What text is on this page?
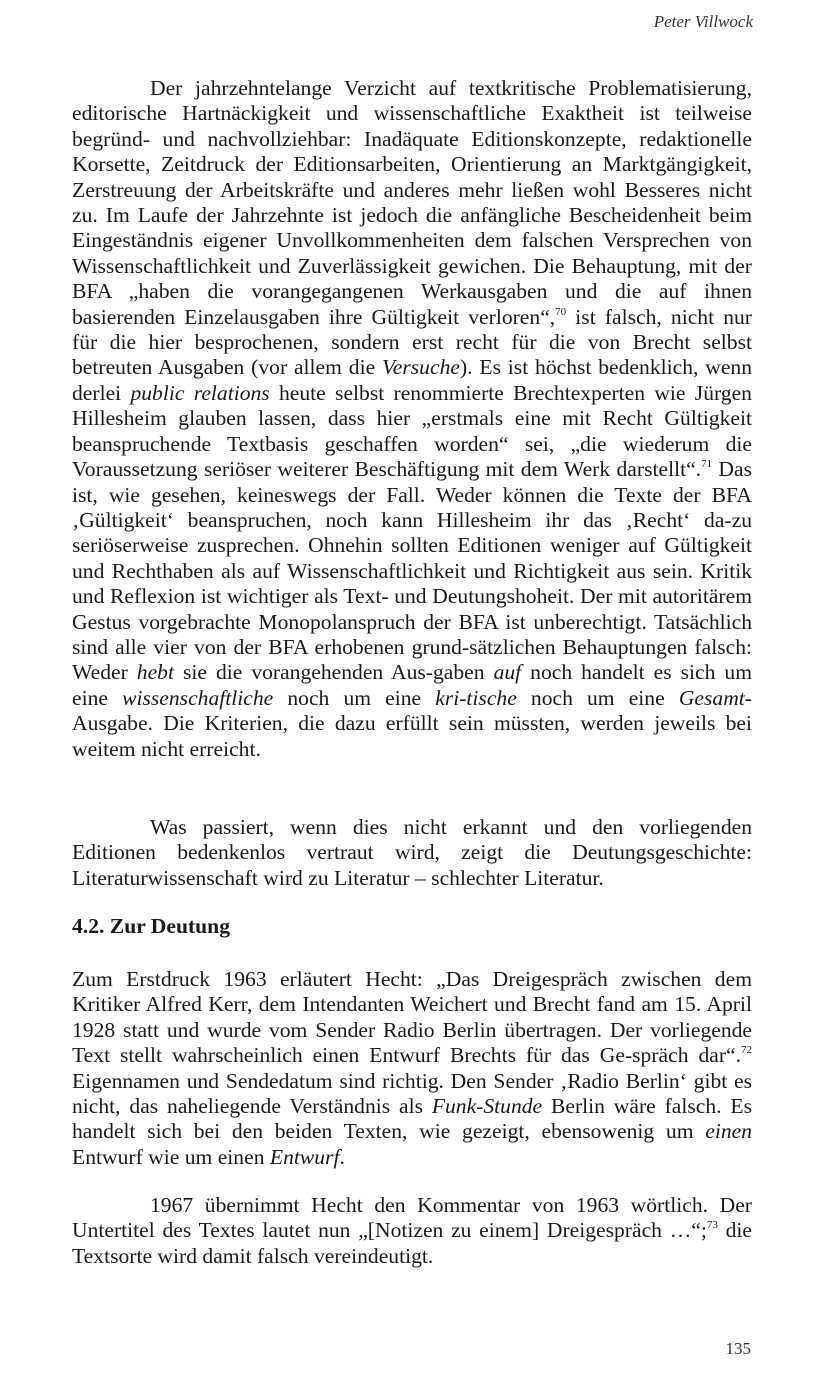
Peter Villwock

Der jahrzehntelange Verzicht auf textkritische Problematisierung, editorische Hartnäckigkeit und wissenschaftliche Exaktheit ist teilweise begründ- und nachvollziehbar: Inadäquate Editionskonzepte, redaktionelle Korsette, Zeitdruck der Editionsarbeiten, Orientierung an Marktgängigkeit, Zerstreuung der Arbeitskräfte und anderes mehr ließen wohl Besseres nicht zu. Im Laufe der Jahrzehnte ist jedoch die anfängliche Bescheidenheit beim Eingeständnis eigener Unvollkommenheiten dem falschen Versprechen von Wissenschaftlichkeit und Zuverlässigkeit gewichen. Die Behauptung, mit der BFA „haben die vorangegangenen Werkausgaben und die auf ihnen basierenden Einzelausgaben ihre Gültigkeit verloren“,$^{70}$ ist falsch, nicht nur für die hier besprochenen, sondern erst recht für die von Brecht selbst betreuten Ausgaben (vor allem die Versuche). Es ist höchst bedenklich, wenn derlei public relations heute selbst renommierte Brechtexperten wie Jürgen Hillesheim glauben lassen, dass hier „erstmals eine mit Recht Gültigkeit beanspruchende Textbasis geschaffen worden“ sei, „die wiederum die Voraussetzung seriöser weiterer Beschäftigung mit dem Werk darstellt“.$^{71}$ Das ist, wie gesehen, keineswegs der Fall. Weder können die Texte der BFA ‚Gültigkeit‘ beanspruchen, noch kann Hillesheim ihr das ‚Recht‘ da-zu seriöserweise zusprechen. Ohnehin sollten Editionen weniger auf Gültigkeit und Rechthaben als auf Wissenschaftlichkeit und Richtigkeit aus sein. Kritik und Reflexion ist wichtiger als Text- und Deutungshoheit. Der mit autoritärem Gestus vorgebrachte Monopolanspruch der BFA ist unberechtigt. Tatsächlich sind alle vier von der BFA erhobenen grund-sätzlichen Behauptungen falsch: Weder hebt sie die vorangehenden Aus-gaben auf noch handelt es sich um eine wissenschaftliche noch um eine kri-tische noch um eine Gesamt-Ausgabe. Die Kriterien, die dazu erfüllt sein müssten, werden jeweils bei weitem nicht erreicht.

Was passiert, wenn dies nicht erkannt und den vorliegenden Editionen bedenkenlos vertraut wird, zeigt die Deutungsgeschichte: Literaturwissenschaft wird zu Literatur – schlechter Literatur.

4.2. Zur Deutung

Zum Erstdruck 1963 erläutert Hecht: „Das Dreigespräch zwischen dem Kritiker Alfred Kerr, dem Intendanten Weichert und Brecht fand am 15. April 1928 statt und wurde vom Sender Radio Berlin übertragen. Der vorliegende Text stellt wahrscheinlich einen Entwurf Brechts für das Ge-spräch dar“.$^{72}$ Eigennamen und Sendedatum sind richtig. Den Sender ‚Radio Berlin‘ gibt es nicht, das naheliegende Verständnis als Funk-Stunde Berlin wäre falsch. Es handelt sich bei den beiden Texten, wie gezeigt, ebensowenig um einen Entwurf wie um einen Entwurf.

1967 übernimmt Hecht den Kommentar von 1963 wörtlich. Der Untertitel des Textes lautet nun „[Notizen zu einem] Dreigespräch …“;$^{73}$ die Textsorte wird damit falsch vereindeutigt.

135
